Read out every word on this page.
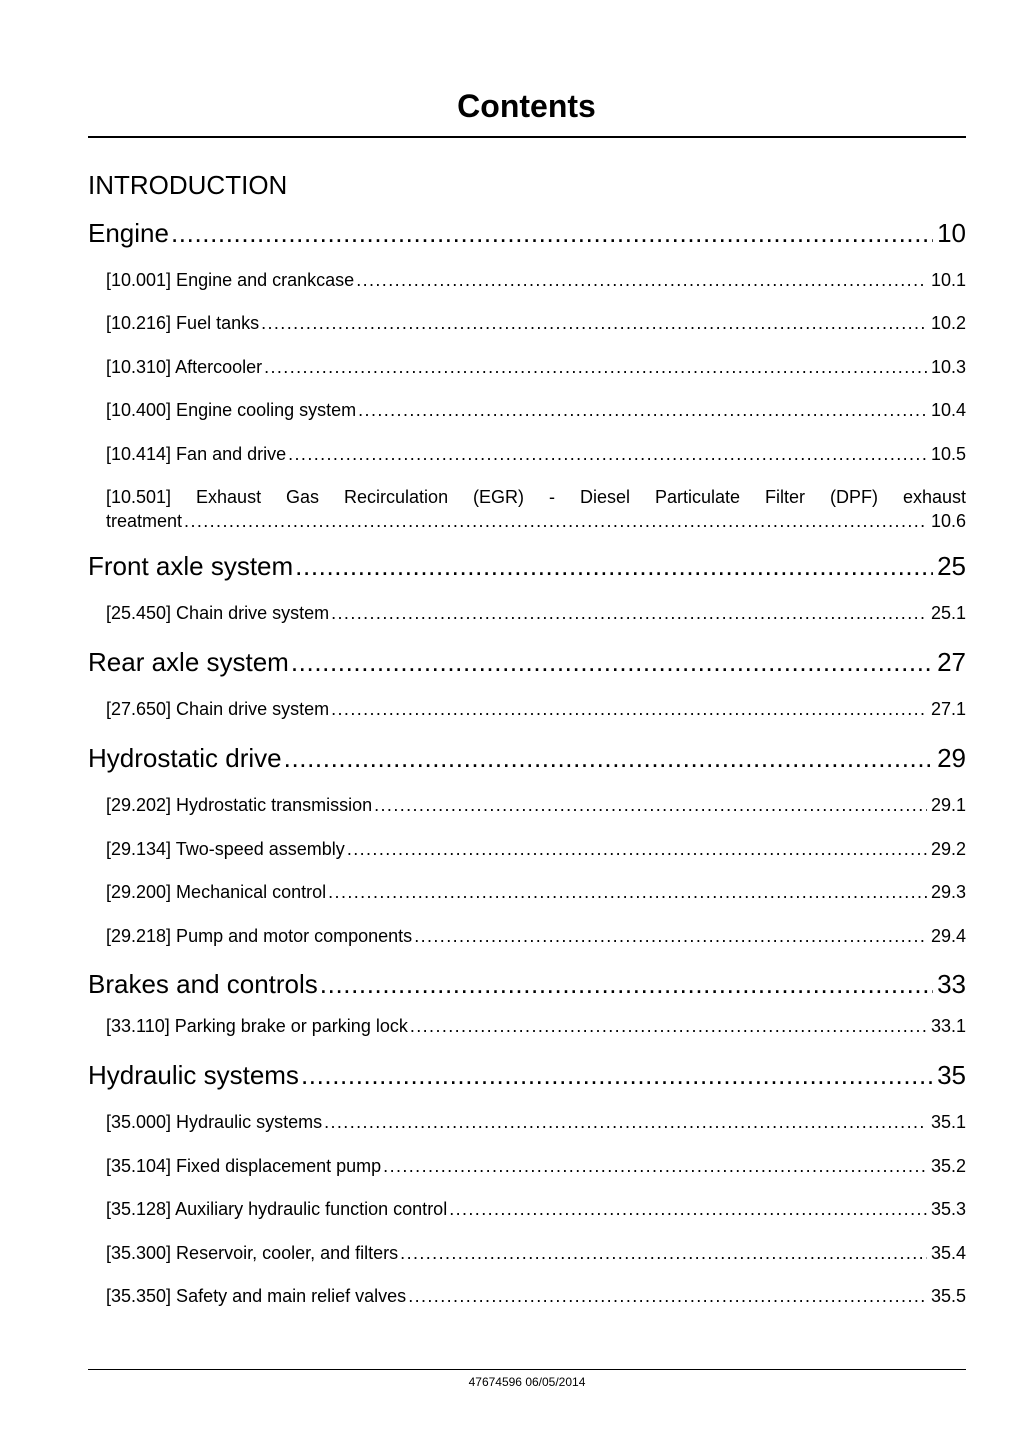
Contents
INTRODUCTION
Engine .....	10
[10.001] Engine and crankcase .....	10.1
[10.216] Fuel tanks .....	10.2
[10.310] Aftercooler .....	10.3
[10.400] Engine cooling system .....	10.4
[10.414] Fan and drive .....	10.5
[10.501] Exhaust Gas Recirculation (EGR) - Diesel Particulate Filter (DPF) exhaust
treatment .....	10.6
Front axle system .....	25
[25.450] Chain drive system .....	25.1
Rear axle system .....	27
[27.650] Chain drive system .....	27.1
Hydrostatic drive .....	29
[29.202] Hydrostatic transmission .....	29.1
[29.134] Two-speed assembly .....	29.2
[29.200] Mechanical control .....	29.3
[29.218] Pump and motor components .....	29.4
Brakes and controls .....	33
[33.110] Parking brake or parking lock .....	33.1
Hydraulic systems .....	35
[35.000] Hydraulic systems .....	35.1
[35.104] Fixed displacement pump .....	35.2
[35.128] Auxiliary hydraulic function control .....	35.3
[35.300] Reservoir, cooler, and filters .....	35.4
[35.350] Safety and main relief valves .....	35.5
47674596 06/05/2014
